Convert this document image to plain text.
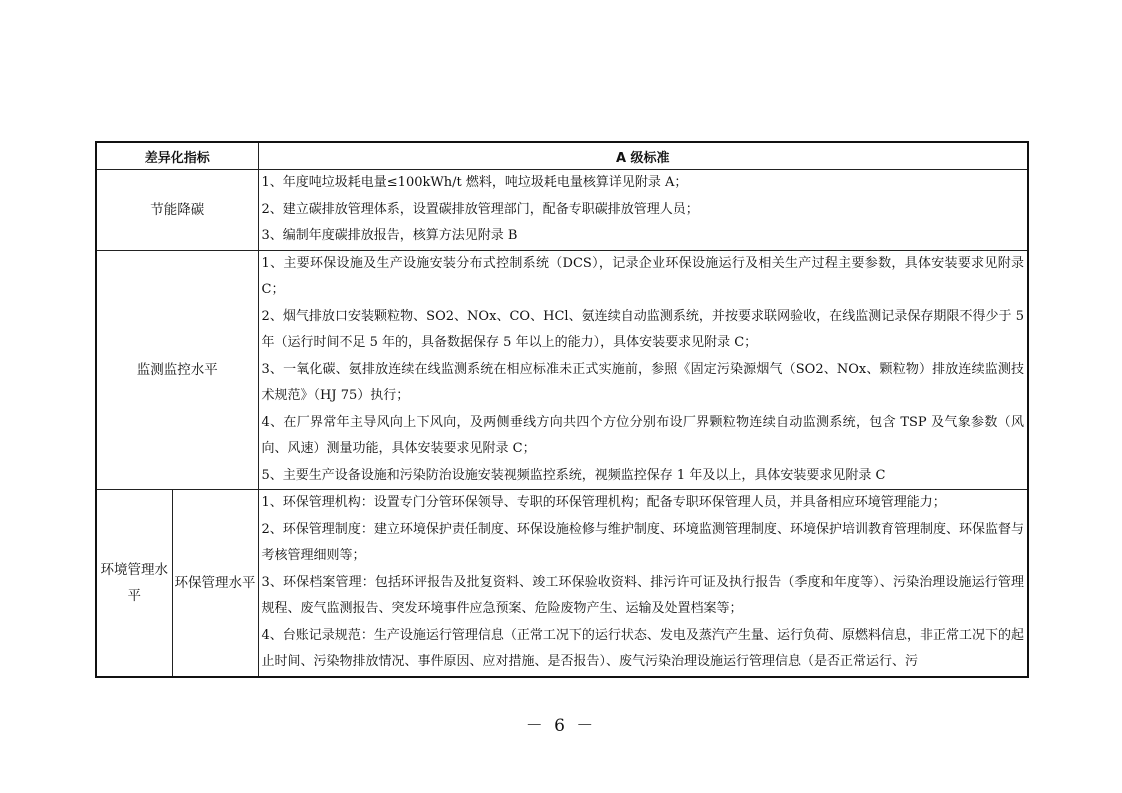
差异化指标		A 级标准
节能降碳		1、年度吨垃圾耗电量≤100kWh/t 燃料，吨垃圾耗电量核算详见附录 A；
2、建立碳排放管理体系，设置碳排放管理部门，配备专职碳排放管理人员；
3、编制年度碳排放报告，核算方法见附录 B

监测监控水平		1、主要环保设施及生产设施安装分布式控制系统（DCS），记录企业环保设施运行及相关生产过程主要参数，具体安装要求见附录 C；
2、烟气排放口安装颗粒物、SO2、NOx、CO、HCl、氨连续自动监测系统，并按要求联网验收，在线监测记录保存期限不得少于 5 年（运行时间不足 5 年的，具备数据保存 5 年以上的能力），具体安装要求见附录 C；
3、一氧化碳、氨排放连续在线监测系统在相应标准未正式实施前，参照《固定污染源烟气（SO2、NOx、颗粒物）排放连续监测技术规范》（HJ 75）执行；
4、在厂界常年主导风向上下风向，及两侧垂线方向共四个方位分别布设厂界颗粒物连续自动监测系统，包含 TSP 及气象参数（风向、风速）测量功能，具体安装要求见附录 C；
5、主要生产设备设施和污染防治设施安装视频监控系统，视频监控保存 1 年及以上，具体安装要求见附录 C

环境管理水平	环保管理水平	1、环保管理机构：设置专门分管环保领导、专职的环保管理机构；配备专职环保管理人员，并具备相应环境管理能力；
2、环保管理制度：建立环境保护责任制度、环保设施检修与维护制度、环境监测管理制度、环境保护培训教育管理制度、环保监督与考核管理细则等；
3、环保档案管理：包括环评报告及批复资料、竣工环保验收资料、排污许可证及执行报告（季度和年度等）、污染治理设施运行管理规程、废气监测报告、突发环境事件应急预案、危险废物产生、运输及处置档案等；
4、台账记录规范：生产设施运行管理信息（正常工况下的运行状态、发电及蒸汽产生量、运行负荷、原燃料信息，非正常工况下的起止时间、污染物排放情况、事件原因、应对措施、是否报告）、废气污染治理设施运行管理信息（是否正常运行、污
－ 6 －
